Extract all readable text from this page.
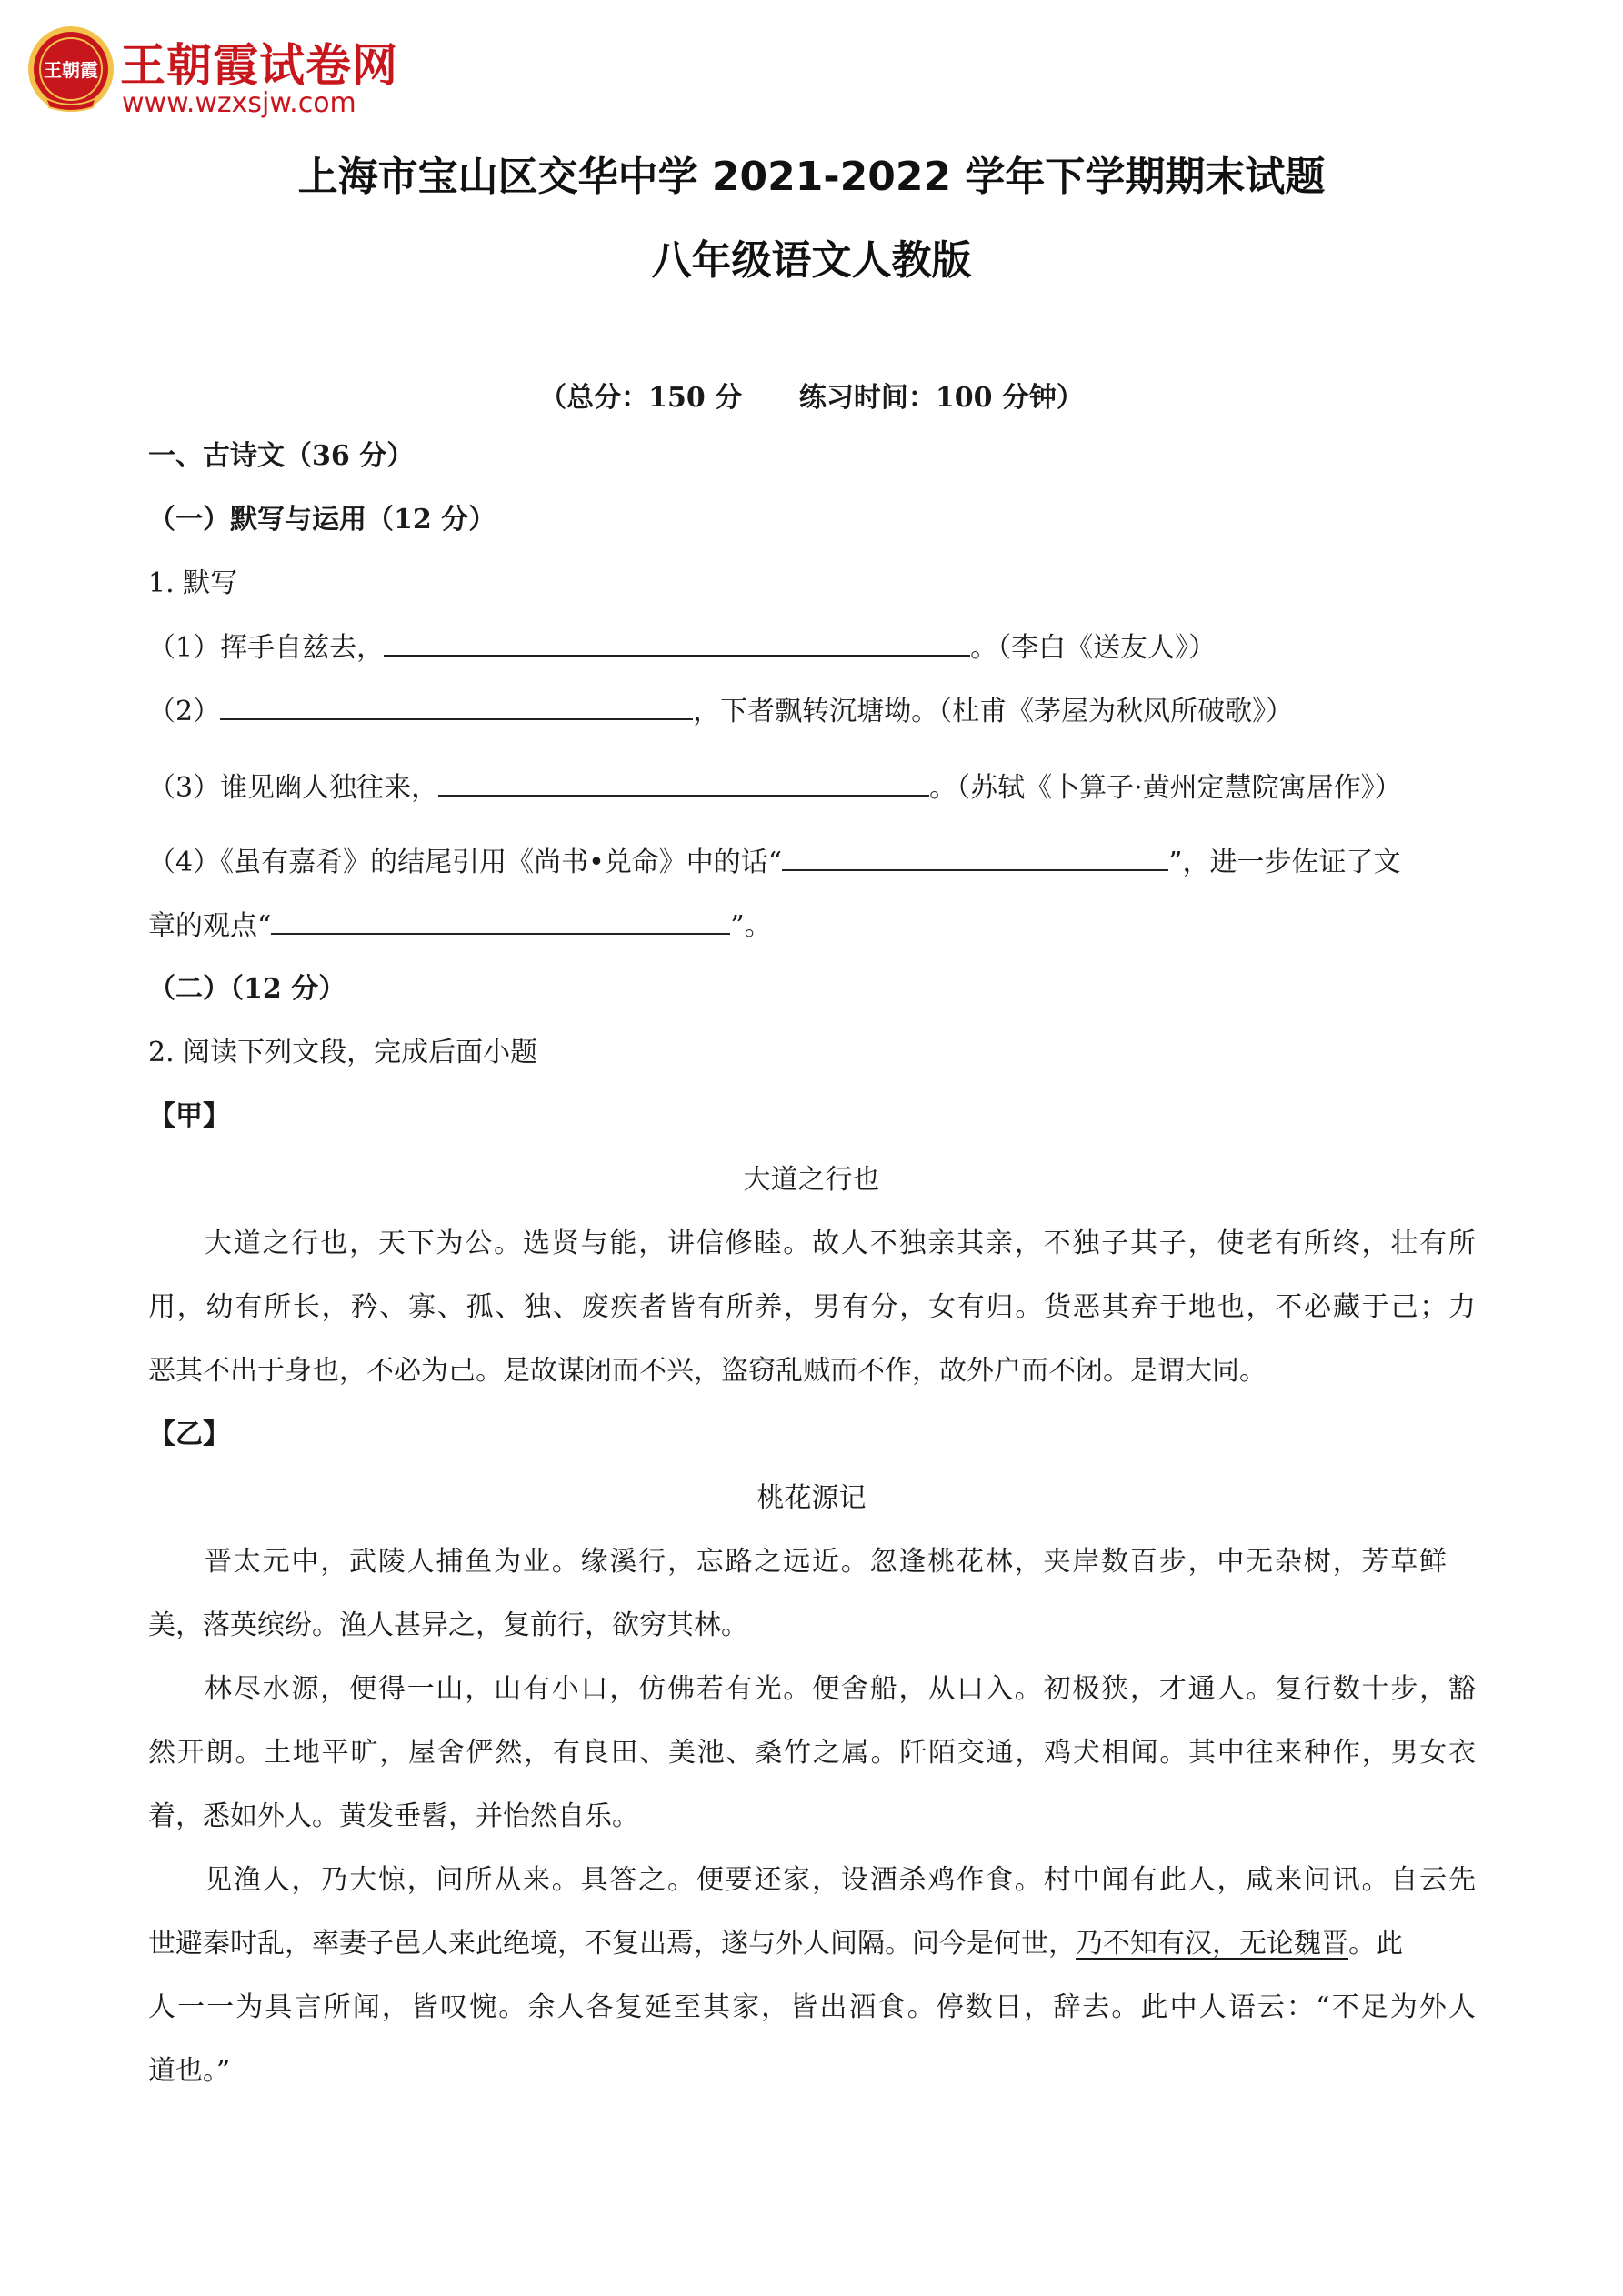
王朝霞 王朝霞试卷网
www.wzxsjw.com
上海市宝山区交华中学 2021-2022 学年下学期期末试题
八年级语文人教版
（总分：150 分      练习时间：100 分钟）
一、古诗文（36 分）
（一）默写与运用（12 分）
1. 默写
（1）挥手自兹去，	。（李白《送友人》）
（2）	，下者飘转沉塘坳。（杜甫《茅屋为秋风所破歌》）
（3）谁见幽人独往来，	。（苏轼《卜算子·黄州定慧院寓居作》）
（4）《虽有嘉肴》的结尾引用《尚书•兑命》中的话“	”，进一步佐证了文
章的观点“	”。
（二）（12 分）
2. 阅读下列文段，完成后面小题
【甲】
大道之行也
大道之行也，天下为公。选贤与能，讲信修睦。故人不独亲其亲，不独子其子，使老有所终，壮有所
用，幼有所长，矜、寡、孤、独、废疾者皆有所养，男有分，女有归。货恶其弃于地也，不必藏于己；力
恶其不出于身也，不必为己。是故谋闭而不兴，盗窃乱贼而不作，故外户而不闭。是谓大同。
【乙】
桃花源记
晋太元中，武陵人捕鱼为业。缘溪行，忘路之远近。忽逢桃花林，夹岸数百步，中无杂树，芳草鲜
美，落英缤纷。渔人甚异之，复前行，欲穷其林。
林尽水源，便得一山，山有小口，仿佛若有光。便舍船，从口入。初极狭，才通人。复行数十步，豁
然开朗。土地平旷，屋舍俨然，有良田、美池、桑竹之属。阡陌交通，鸡犬相闻。其中往来种作，男女衣
着，悉如外人。黄发垂髫，并怡然自乐。
见渔人，乃大惊，问所从来。具答之。便要还家，设酒杀鸡作食。村中闻有此人，咸来问讯。自云先
世避秦时乱，率妻子邑人来此绝境，不复出焉，遂与外人间隔。问今是何世，乃不知有汉，无论魏晋。此
人一一为具言所闻，皆叹惋。余人各复延至其家，皆出酒食。停数日，辞去。此中人语云：“不足为外人
道也。”
